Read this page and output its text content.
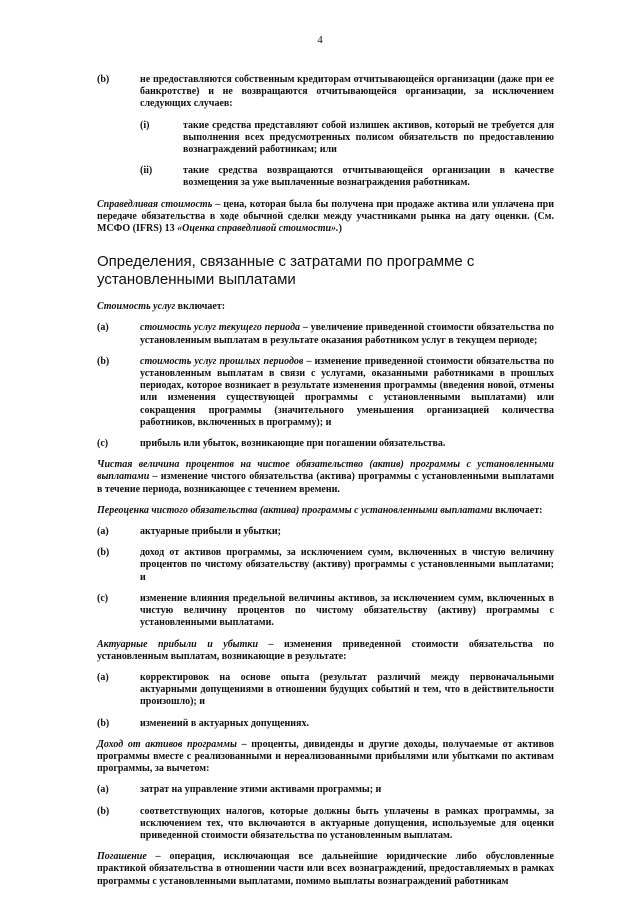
4
(b)	не предоставляются собственным кредиторам отчитывающейся организации (даже при ее банкротстве) и не возвращаются отчитывающейся организации, за исключением следующих случаев:
(i)	такие средства представляют собой излишек активов, который не требуется для выполнения всех предусмотренных полисом обязательств по предоставлению вознаграждений работникам; или
(ii)	такие средства возвращаются отчитывающейся организации в качестве возмещения за уже выплаченные вознаграждения работникам.
Справедливая стоимость – цена, которая была бы получена при продаже актива или уплачена при передаче обязательства в ходе обычной сделки между участниками рынка на дату оценки. (См. МСФО (IFRS) 13 «Оценка справедливой стоимости».)
Определения, связанные с затратами по программе с установленными выплатами
Стоимость услуг включает:
(a)	стоимость услуг текущего периода – увеличение приведенной стоимости обязательства по установленным выплатам в результате оказания работником услуг в текущем периоде;
(b)	стоимость услуг прошлых периодов – изменение приведенной стоимости обязательства по установленным выплатам в связи с услугами, оказанными работниками в прошлых периодах, которое возникает в результате изменения программы (введения новой, отмены или изменения существующей программы с установленными выплатами) или сокращения программы (значительного уменьшения организацией количества работников, включенных в программу); и
(c)	прибыль или убыток, возникающие при погашении обязательства.
Чистая величина процентов на чистое обязательство (актив) программы с установленными выплатами – изменение чистого обязательства (актива) программы с установленными выплатами в течение периода, возникающее с течением времени.
Переоценка чистого обязательства (актива) программы с установленными выплатами включает:
(a)	актуарные прибыли и убытки;
(b)	доход от активов программы, за исключением сумм, включенных в чистую величину процентов по чистому обязательству (активу) программы с установленными выплатами; и
(c)	изменение влияния предельной величины активов, за исключением сумм, включенных в чистую величину процентов по чистому обязательству (активу) программы с установленными выплатами.
Актуарные прибыли и убытки – изменения приведенной стоимости обязательства по установленным выплатам, возникающие в результате:
(a)	корректировок на основе опыта (результат различий между первоначальными актуарными допущениями в отношении будущих событий и тем, что в действительности произошло); и
(b)	изменений в актуарных допущениях.
Доход от активов программы – проценты, дивиденды и другие доходы, получаемые от активов программы вместе с реализованными и нереализованными прибылями или убытками по активам программы, за вычетом:
(a)	затрат на управление этими активами программы; и
(b)	соответствующих налогов, которые должны быть уплачены в рамках программы, за исключением тех, что включаются в актуарные допущения, используемые для оценки приведенной стоимости обязательства по установленным выплатам.
Погашение – операция, исключающая все дальнейшие юридические либо обусловленные практикой обязательства в отношении части или всех вознаграждений, предоставляемых в рамках программы с установленными выплатами, помимо выплаты вознаграждений работникам
